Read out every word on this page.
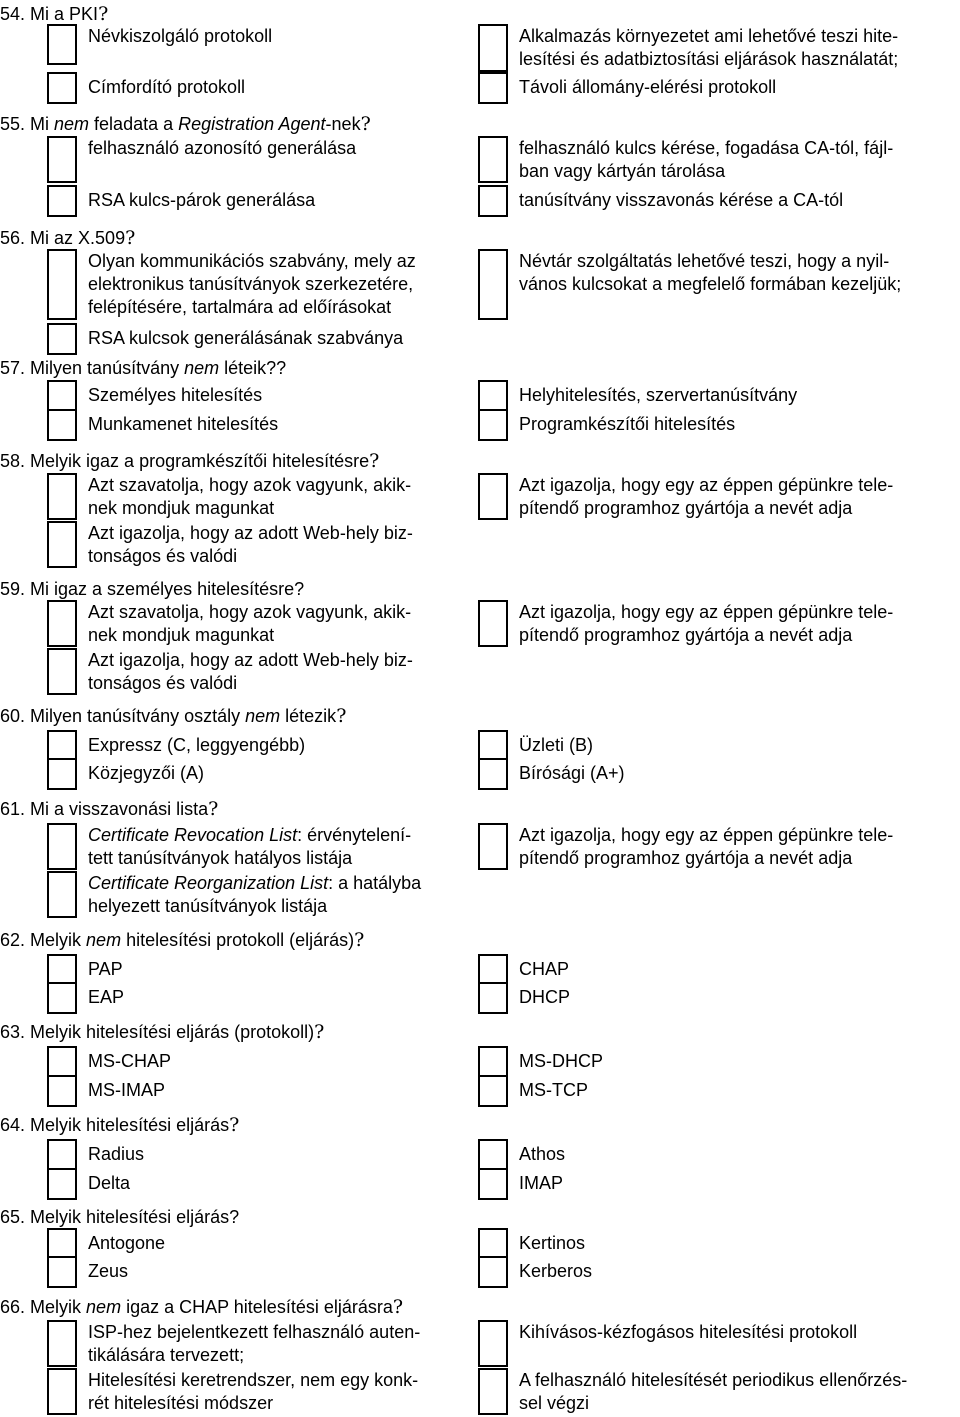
54. Mi a PKI?
Névkiszolgáló protokoll
Címfordító protokoll
Alkalmazás környezetet ami lehetővé teszi hite-
lesítési és adatbiztosítási eljárások használatát;
Távoli állomány-elérési protokoll
55. Mi nem feladata a Registration Agent-nek?
felhasználó azonosító generálása
RSA kulcs-párok generálása
felhasználó kulcs kérése, fogadása CA-tól, fájl-
ban vagy kártyán tárolása
tanúsítvány visszavonás kérése a CA-tól
56. Mi az X.509?
Olyan kommunikációs szabvány, mely az
elektronikus tanúsítványok szerkezetére,
felépítésére, tartalmára ad előírásokat
RSA kulcsok generálásának szabványa
Névtár szolgáltatás lehetővé teszi, hogy a nyil-
vános kulcsokat a megfelelő formában kezeljük;
57. Milyen tanúsítvány nem léteik??
Személyes hitelesítés
Munkamenet hitelesítés
Helyhitelesítés, szervertanúsítvány
Programkészítői hitelesítés
58. Melyik igaz a programkészítői hitelesítésre?
Azt szavatolja, hogy azok vagyunk, akik-
nek mondjuk magunkat
Azt igazolja, hogy az adott Web-hely biz-
tonságos és valódi
Azt igazolja, hogy egy az éppen gépünkre tele-
pítendő programhoz gyártója a nevét adja
59. Mi igaz a személyes hitelesítésre?
Azt szavatolja, hogy azok vagyunk, akik-
nek mondjuk magunkat
Azt igazolja, hogy az adott Web-hely biz-
tonságos és valódi
Azt igazolja, hogy egy az éppen gépünkre tele-
pítendő programhoz gyártója a nevét adja
60. Milyen tanúsítvány osztály nem létezik?
Expressz (C, leggyengébb)
Közjegyzői (A)
Üzleti (B)
Bírósági (A+)
61. Mi a visszavonási lista?
Certificate Revocation List: érvénytelení-
tett tanúsítványok hatályos listája
Certificate Reorganization List: a hatályba
helyezett tanúsítványok listája
Azt igazolja, hogy egy az éppen gépünkre tele-
pítendő programhoz gyártója a nevét adja
62. Melyik nem hitelesítési protokoll (eljárás)?
PAP
EAP
CHAP
DHCP
63. Melyik hitelesítési eljárás (protokoll)?
MS-CHAP
MS-IMAP
MS-DHCP
MS-TCP
64. Melyik hitelesítési eljárás?
Radius
Delta
Athos
IMAP
65. Melyik hitelesítési eljárás?
Antogone
Zeus
Kertinos
Kerberos
66. Melyik nem igaz a CHAP hitelesítési eljárásra?
ISP-hez bejelentkezett felhasználó auten-
tikálására tervezett;
Hitelesítési keretrendszer, nem egy konk-
rét hitelesítési módszer
Kihívásos-kézfogásos hitelesítési protokoll
A felhasználó hitelesítését periodikus ellenőrzés-
sel végzi
